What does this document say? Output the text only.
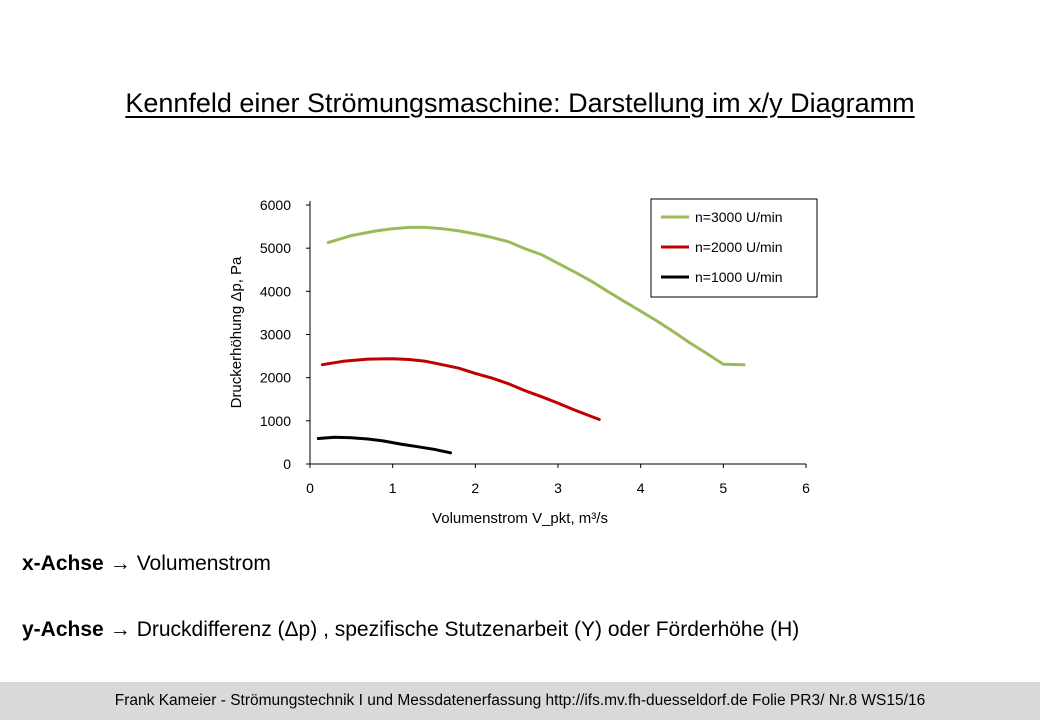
Kennfeld einer Strömungsmaschine: Darstellung im x/y Diagramm
0	1	2	3	4	5	6
0
1000
2000
3000
4000
5000
6000
Volumenstrom V_pkt, m³/s
Druckerhöhung Δp, Pa
n=3000 U/min
n=2000 U/min
n=1000 U/min
x-Achse → Volumenstrom
y-Achse → Druckdifferenz (Δp) , spezifische Stutzenarbeit (Y) oder Förderhöhe (H)
Frank Kameier - Strömungstechnik I und Messdatenerfassung http://ifs.mv.fh-duesseldorf.de Folie PR3/ Nr.8 WS15/16
